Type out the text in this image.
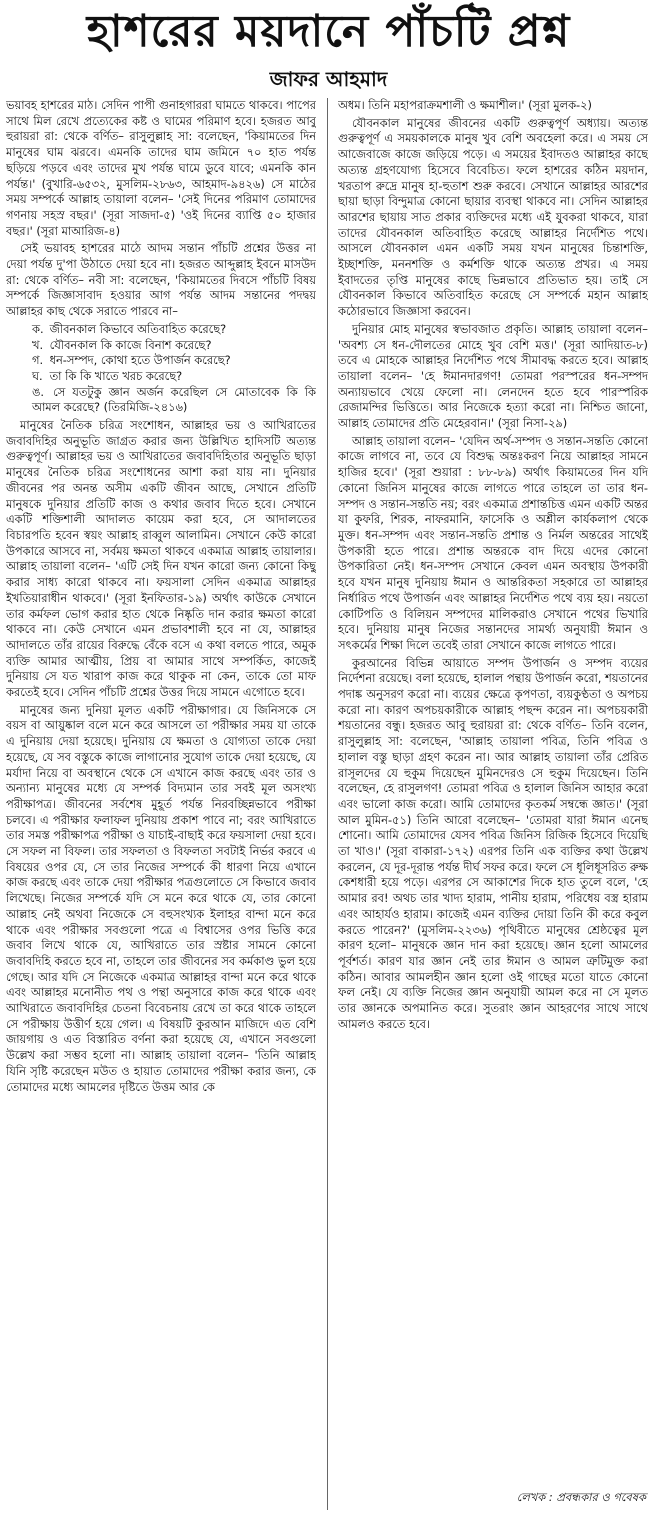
হাশরের ময়দানে পাঁচটি প্রশ্ন
জাফর আহমাদ

ভয়াবহ হাশরের মাঠ। সেদিন পাপী গুনাহগাররা ঘামতে থাকবে। পাপের সাথে মিল রেখে প্রত্যেকের কষ্ট ও ঘামের পরিমাণ হবে। হজরত আবু হুরায়রা রা: থেকে বর্ণিত– রাসুলুল্লাহ সা: বলেছেন, 'কিয়ামতের দিন মানুষের ঘাম ঝরবে। এমনকি তাদের ঘাম জমিনে ৭০ হাত পর্যন্ত ছড়িয়ে পড়বে এবং তাদের মুখ পর্যন্ত ঘামে ডুবে যাবে; এমনকি কান পর্যন্ত।' (বুখারি-৬৫৩২, মুসলিম-২৮৬৩, আহমাদ-৯৪২৬) সে মাঠের সময় সম্পর্কে আল্লাহ তায়ালা বলেন– 'সেই দিনের পরিমাণ তোমাদের গণনায় সহস্র বছর।' (সূরা সাজদা-৫) 'ওই দিনের ব্যাপ্তি ৫০ হাজার বছর।' (সূরা মাআরিজ-৪)

সেই ভয়াবহ হাশরের মাঠে আদম সন্তান পাঁচটি প্রশ্নের উত্তর না দেয়া পর্যন্ত দু'পা উঠাতে দেয়া হবে না। হজরত আব্দুল্লাহ ইবনে মাসউদ রা: থেকে বর্ণিত– নবী সা: বলেছেন, 'কিয়ামতের দিবসে পাঁচটি বিষয় সম্পর্কে জিজ্ঞাসাবাদ হওয়ার আগ পর্যন্ত আদম সন্তানের পদদ্বয় আল্লাহর কাছ থেকে সরাতে পারবে না–

ক. জীবনকাল কিভাবে অতিবাহিত করেছে?
খ. যৌবনকাল কি কাজে বিনাশ করেছে?
গ. ধন-সম্পদ, কোথা হতে উপার্জন করেছে?
ঘ. তা কি কি খাতে খরচ করেছে?
ঙ. সে যতটুকু জ্ঞান অর্জন করেছিল সে মোতাবেক কি কি আমল করেছে? (তিরমিজি-২৪১৬)

মানুষের নৈতিক চরিত্র সংশোধন, আল্লাহর ভয় ও আখিরাতের জবাবদিহির অনুভূতি জাগ্রত করার জন্য উল্লিখিত হাদিসটি অত্যন্ত গুরুত্বপূর্ণ। আল্লাহর ভয় ও আখিরাতের জবাবদিহিতার অনুভূতি ছাড়া মানুষের নৈতিক চরিত্র সংশোধনের আশা করা যায় না। দুনিয়ার জীবনের পর অনন্ত অসীম একটি জীবন আছে, সেখানে প্রতিটি মানুষকে দুনিয়ার প্রতিটি কাজ ও কথার জবাব দিতে হবে। সেখানে একটি শক্তিশালী আদালত কায়েম করা হবে, সে আদালতের বিচারপতি হবেন স্বয়ং আল্লাহ রাব্বুল আলামিন। সেখানে কেউ কারো উপকারে আসবে না, সর্বময় ক্ষমতা থাকবে একমাত্র আল্লাহ তায়ালার। আল্লাহ তায়ালা বলেন– 'এটি সেই দিন যখন কারো জন্য কোনো কিছু করার সাধ্য কারো থাকবে না। ফয়সালা সেদিন একমাত্র আল্লাহর ইখতিয়ারাধীন থাকবে।' (সূরা ইনফিতার-১৯) অর্থাৎ কাউকে সেখানে তার কর্মফল ভোগ করার হাত থেকে নিষ্কৃতি দান করার ক্ষমতা কারো থাকবে না। কেউ সেখানে এমন প্রভাবশালী হবে না যে, আল্লাহর আদালতে তাঁর রায়ের বিরুদ্ধে বেঁকে বসে এ কথা বলতে পারে, অমুক ব্যক্তি আমার আত্মীয়, প্রিয় বা আমার সাথে সম্পর্কিত, কাজেই দুনিয়ায় সে যত খারাপ কাজ করে থাকুক না কেন, তাকে তো মাফ করতেই হবে। সেদিন পাঁচটি প্রশ্নের উত্তর দিয়ে সামনে এগোতে হবে।

মানুষের জন্য দুনিয়া মূলত একটি পরীক্ষাগার। যে জিনিসকে সে বয়স বা আয়ুষ্কাল বলে মনে করে আসলে তা পরীক্ষার সময় যা তাকে এ দুনিয়ায় দেয়া হয়েছে। দুনিয়ায় যে ক্ষমতা ও যোগ্যতা তাকে দেয়া হয়েছে, যে সব বস্তুকে কাজে লাগানোর সুযোগ তাকে দেয়া হয়েছে, যে মর্যাদা নিয়ে বা অবস্থানে থেকে সে এখানে কাজ করছে এবং তার ও অন্যান্য মানুষের মধ্যে যে সম্পর্ক বিদ্যমান তার সবই মূল অসংখ্য পরীক্ষাপত্র। জীবনের সর্বশেষ মুহূর্ত পর্যন্ত নিরবচ্ছিন্নভাবে পরীক্ষা চলবে। এ পরীক্ষার ফলাফল দুনিয়ায় প্রকাশ পাবে না; বরং আখিরাতে তার সমস্ত পরীক্ষাপত্র পরীক্ষা ও যাচাই-বাছাই করে ফয়সালা দেয়া হবে। সে সফল না বিফল। তার সফলতা ও বিফলতা সবটাই নির্ভর করবে এ বিষয়ের ওপর যে, সে তার নিজের সম্পর্কে কী ধারণা নিয়ে এখানে কাজ করছে এবং তাকে দেয়া পরীক্ষার পত্রগুলোতে সে কিভাবে জবাব লিখেছে। নিজের সম্পর্কে যদি সে মনে করে থাকে যে, তার কোনো আল্লাহ নেই অথবা নিজেকে সে বহুসংখ্যক ইলাহর বান্দা মনে করে থাকে এবং পরীক্ষার সবগুলো পত্রে এ বিশ্বাসের ওপর ভিত্তি করে জবাব লিখে থাকে যে, আখিরাতে তার স্রষ্টার সামনে কোনো জবাবদিহি করতে হবে না, তাহলে তার জীবনের সব কর্মকাণ্ড ভুল হয়ে গেছে। আর যদি সে নিজেকে একমাত্র আল্লাহর বান্দা মনে করে থাকে এবং আল্লাহর মনোনীত পথ ও পন্থা অনুসারে কাজ করে থাকে এবং আখিরাতে জবাবদিহির চেতনা বিবেচনায় রেখে তা করে থাকে তাহলে সে পরীক্ষায় উত্তীর্ণ হয়ে গেল। এ বিষয়টি কুরআন মাজিদে এত বেশি জায়গায় ও এত বিস্তারিত বর্ণনা করা হয়েছে যে, এখানে সবগুলো উল্লেখ করা সম্ভব হলো না। আল্লাহ তায়ালা বলেন– 'তিনি আল্লাহ যিনি সৃষ্টি করেছেন মউত ও হায়াত তোমাদের পরীক্ষা করার জন্য, কে তোমাদের মধ্যে আমলের দৃষ্টিতে উত্তম আর কে

অধম। তিনি মহাপরাক্রমশালী ও ক্ষমাশীল।' (সূরা মুলক-২)

যৌবনকাল মানুষের জীবনের একটি গুরুত্বপূর্ণ অধ্যায়। অত্যন্ত গুরুত্বপূর্ণ এ সময়কালকে মানুষ খুব বেশি অবহেলা করে। এ সময় সে আজেবাজে কাজে জড়িয়ে পড়ে। এ সময়ের ইবাদতও আল্লাহর কাছে অত্যন্ত গ্রহণযোগ্য হিসেবে বিবেচিত। ফলে হাশরের কঠিন ময়দান, খরতাপ রুদ্রে মানুষ হা-হুতাশ শুরু করবে। সেখানে আল্লাহর আরশের ছায়া ছাড়া বিন্দুমাত্র কোনো ছায়ার ব্যবস্থা থাকবে না। সেদিন আল্লাহর আরশের ছায়ায় সাত প্রকার ব্যক্তিদের মধ্যে এই যুবকরা থাকবে, যারা তাদের যৌবনকাল অতিবাহিত করেছে আল্লাহর নির্দেশিত পথে। আসলে যৌবনকাল এমন একটি সময় যখন মানুষের চিন্তাশক্তি, ইচ্ছাশক্তি, মননশক্তি ও কর্মশক্তি থাকে অত্যন্ত প্রখর। এ সময় ইবাদতের তৃপ্তি মানুষের কাছে ভিন্নভাবে প্রতিভাত হয়। তাই সে যৌবনকাল কিভাবে অতিবাহিত করেছে সে সম্পর্কে মহান আল্লাহ কঠোরভাবে জিজ্ঞাসা করবেন।

দুনিয়ার মোহ মানুষের স্বভাবজাত প্রকৃতি। আল্লাহ তায়ালা বলেন– 'অবশ্য সে ধন-দৌলতের মোহে খুব বেশি মত্ত।' (সূরা আদিয়াত-৮) তবে এ মোহকে আল্লাহর নির্দেশিত পথে সীমাবদ্ধ করতে হবে। আল্লাহ তায়ালা বলেন– 'হে ঈমানদারগণ! তোমরা পরস্পরের ধন-সম্পদ অন্যায়ভাবে খেয়ে ফেলো না। লেনদেন হতে হবে পারস্পরিক রেজামন্দির ভিত্তিতে। আর নিজেকে হত্যা করো না। নিশ্চিত জানো, আল্লাহ তোমাদের প্রতি মেহেরবান।' (সূরা নিসা-২৯)

আল্লাহ তায়ালা বলেন– 'যেদিন অর্থ-সম্পদ ও সন্তান-সন্ততি কোনো কাজে লাগবে না, তবে যে বিশুদ্ধ অন্তঃকরণ নিয়ে আল্লাহর সামনে হাজির হবে।' (সূরা শুয়ারা : ৮৮-৮৯) অর্থাৎ কিয়ামতের দিন যদি কোনো জিনিস মানুষের কাজে লাগতে পারে তাহলে তা তার ধন-সম্পদ ও সন্তান-সন্ততি নয়; বরং একমাত্র প্রশান্তচিত্ত এমন একটি অন্তর যা কুফরি, শিরক, নাফরমানি, ফাসেকি ও অশ্লীল কার্যকলাপ থেকে মুক্ত। ধন-সম্পদ এবং সন্তান-সন্ততি প্রশান্ত ও নির্মল অন্তরের সাথেই উপকারী হতে পারে। প্রশান্ত অন্তরকে বাদ দিয়ে এদের কোনো উপকারিতা নেই। ধন-সম্পদ সেখানে কেবল এমন অবস্থায় উপকারী হবে যখন মানুষ দুনিয়ায় ঈমান ও আন্তরিকতা সহকারে তা আল্লাহর নির্ধারিত পথে উপার্জন এবং আল্লাহর নির্দেশিত পথে ব্যয় হয়। নয়তো কোটিপতি ও বিলিয়ন সম্পদের মালিকরাও সেখানে পথের ভিখারি হবে। দুনিয়ায় মানুষ নিজের সন্তানদের সামর্থ্য অনুযায়ী ঈমান ও সৎকর্মের শিক্ষা দিলে তবেই তারা সেখানে কাজে লাগতে পারে।

কুরআনের বিভিন্ন আয়াতে সম্পদ উপার্জন ও সম্পদ ব্যয়ের নির্দেশনা রয়েছে। বলা হয়েছে, হালাল পন্থায় উপার্জন করো, শয়তানের পদাঙ্ক অনুসরণ করো না। ব্যয়ের ক্ষেত্রে কৃপণতা, ব্যয়কুণ্ঠতা ও অপচয় করো না। কারণ অপচয়কারীকে আল্লাহ পছন্দ করেন না। অপচয়কারী শয়তানের বন্ধু। হজরত আবু হুরায়রা রা: থেকে বর্ণিত– তিনি বলেন, রাসুলুল্লাহ সা: বলেছেন, 'আল্লাহ তায়ালা পবিত্র, তিনি পবিত্র ও হালাল বস্তু ছাড়া গ্রহণ করেন না। আর আল্লাহ তায়ালা তাঁর প্রেরিত রাসূলদের যে হুকুম দিয়েছেন মুমিনদেরও সে হুকুম দিয়েছেন। তিনি বলেছেন, হে রাসুলগণ! তোমরা পবিত্র ও হালাল জিনিস আহার করো এবং ভালো কাজ করো। আমি তোমাদের কৃতকর্ম সম্বন্ধে জ্ঞাত।' (সূরা আল মুমিন-৫১) তিনি আরো বলেছেন– 'তোমরা যারা ঈমান এনেছ শোনো। আমি তোমাদের যেসব পবিত্র জিনিস রিজিক হিসেবে দিয়েছি তা খাও।' (সূরা বাকারা-১৭২) এরপর তিনি এক ব্যক্তির কথা উল্লেখ করলেন, যে দূর-দূরান্ত পর্যন্ত দীর্ঘ সফর করে। ফলে সে ধূলিধূসরিত রুক্ষ কেশধারী হয়ে পড়ে। এরপর সে আকাশের দিকে হাত তুলে বলে, 'হে আমার রব! অথচ তার খাদ্য হারাম, পানীয় হারাম, পরিধেয় বস্ত্র হারাম এবং আহার্যও হারাম। কাজেই এমন ব্যক্তির দোয়া তিনি কী করে কবুল করতে পারেন?' (মুসলিম-২২৩৬) পৃথিবীতে মানুষের শ্রেষ্ঠত্বের মূল কারণ হলো– মানুষকে জ্ঞান দান করা হয়েছে। জ্ঞান হলো আমলের পূর্বশর্ত। কারণ যার জ্ঞান নেই তার ঈমান ও আমল ত্রুটিমুক্ত করা কঠিন। আবার আমলহীন জ্ঞান হলো ওই গাছের মতো যাতে কোনো ফল নেই। যে ব্যক্তি নিজের জ্ঞান অনুযায়ী আমল করে না সে মূলত তার জ্ঞানকে অপমানিত করে। সুতরাং জ্ঞান আহরণের সাথে সাথে আমলও করতে হবে।

লেখক : প্রবন্ধকার ও গবেষক
